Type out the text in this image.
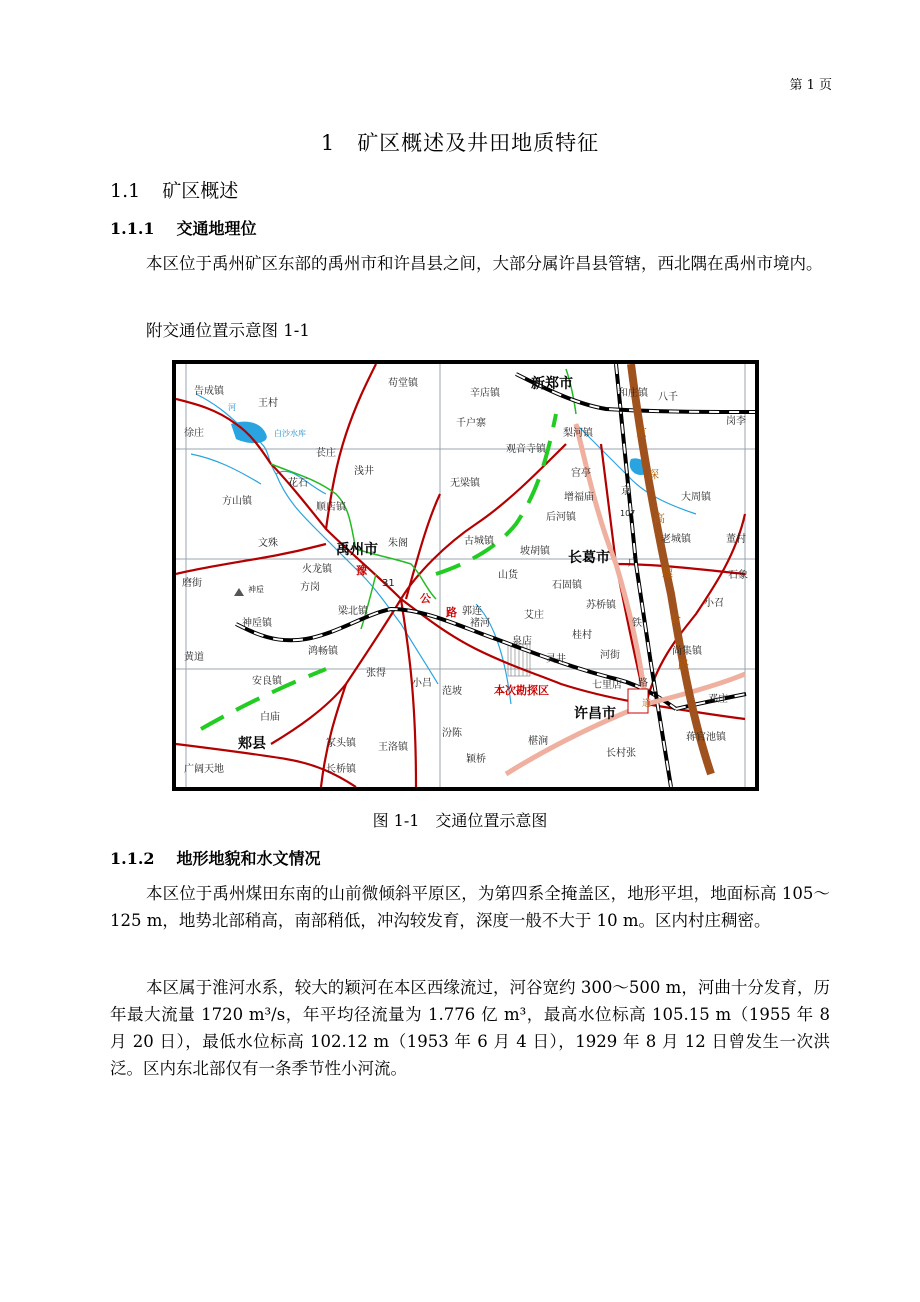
第 1 页
1 矿区概述及井田地质特征
1.1 矿区概述
1.1.1 交通地理位

本区位于禹州矿区东部的禹州市和许昌县之间，大部分属许昌县管辖，西北隅在禹州市境内。

附交通位置示意图 1-1

告成镇
苟堂镇
辛店镇
新郑市
和庄镇 八千
王村
白沙水库
徐庄
千户寨
梨河镇
岗李
苌庄
浅井
观音寺镇
宫亭
花石	无梁镇
京
大周镇
方山镇
顺店镇
增福庙
后河镇
文殊	禹州市 朱阁	古城镇
坡胡镇 长葛市
老城镇	董村
火龙镇
方岗
山货
石固镇
石象
磨街
神垕
梁北镇	郭连
苏桥镇	小召
神垕镇	褚河
艾庄
黄道
鸿畅镇
泉店
桂村
尚集镇
张得
灵井	河街
安良镇	小吕
范坡
七里店
邓庄
白庙	许昌市
郏县	冢头镇 王洛镇
汾陈
椹涧	蒋官池镇
广阔天地	长桥镇
颖桥
长村张
本次勘探区
豫
公
路
31
107
广
铁
路
京
深
高
速
公
路
道
河
图 1-1　交通位置示意图
1.1.2 地形地貌和水文情况

本区位于禹州煤田东南的山前微倾斜平原区，为第四系全掩盖区，地形平坦，地面标高 105～125 m，地势北部稍高，南部稍低，冲沟较发育，深度一般不大于 10 m。区内村庄稠密。

本区属于淮河水系，较大的颖河在本区西缘流过，河谷宽约 300～500 m，河曲十分发育，历年最大流量 1720 m³/s，年平均径流量为 1.776 亿 m³，最高水位标高 105.15 m（1955 年 8 月 20 日），最低水位标高 102.12 m（1953 年 6 月 4 日），1929 年 8 月 12 日曾发生一次洪泛。区内东北部仅有一条季节性小河流。
